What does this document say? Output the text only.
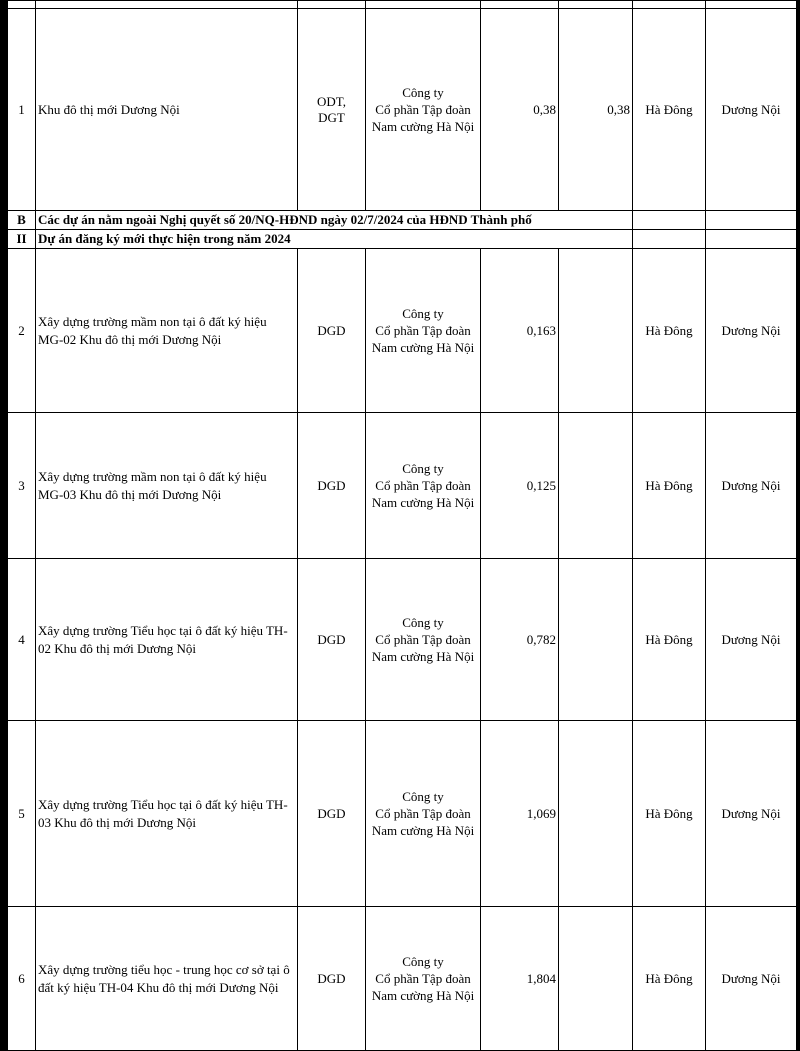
1	Khu đô thị mới Dương Nội	ODT,
DGT	Công ty
Cổ phần Tập đoàn
Nam cường Hà Nội	0,38	0,38	Hà Đông	Dương Nội
B	Các dự án nằm ngoài Nghị quyết số 20/NQ-HĐND ngày 02/7/2024 của HĐND Thành phố						
II	Dự án đăng ký mới thực hiện trong năm 2024						
2	Xây dựng trường mầm non tại ô đất ký hiệu MG-02 Khu đô thị mới Dương Nội	DGD	Công ty
Cổ phần Tập đoàn
Nam cường Hà Nội	0,163		Hà Đông	Dương Nội
3	Xây dựng trường mầm non tại ô đất ký hiệu MG-03 Khu đô thị mới Dương Nội	DGD	Công ty
Cổ phần Tập đoàn
Nam cường Hà Nội	0,125		Hà Đông	Dương Nội
4	Xây dựng trường Tiểu học tại ô đất ký hiệu TH-02 Khu đô thị mới Dương Nội	DGD	Công ty
Cổ phần Tập đoàn
Nam cường Hà Nội	0,782		Hà Đông	Dương Nội
5	Xây dựng trường Tiểu học tại ô đất ký hiệu TH-03 Khu đô thị mới Dương Nội	DGD	Công ty
Cổ phần Tập đoàn
Nam cường Hà Nội	1,069		Hà Đông	Dương Nội
6	Xây dựng trường tiểu học - trung học cơ sở tại ô đất ký hiệu TH-04 Khu đô thị mới Dương Nội	DGD	Công ty
Cổ phần Tập đoàn
Nam cường Hà Nội	1,804		Hà Đông	Dương Nội
